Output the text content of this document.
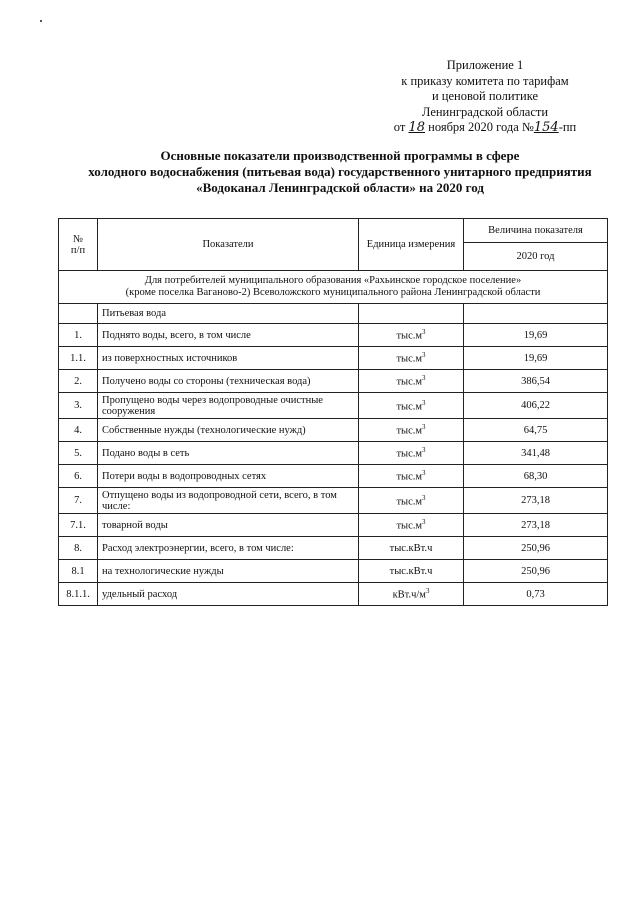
Приложение 1
к приказу комитета по тарифам
и ценовой политике
Ленинградской области
от 18 ноября 2020 года №154-пп
Основные показатели производственной программы в сфере
холодного водоснабжения (питьевая вода) государственного унитарного предприятия
«Водоканал Ленинградской области» на 2020 год
№
п/п	Показатели	Единица измерения	Величина показателя
			2020 год

Для потребителей муниципального образования «Рахьинское городское поселение»
(кроме поселка Ваганово-2) Всеволожского муниципального района Ленинградской области			

	Питьевая вода		
1.	Поднято воды, всего, в том числе	$тыс.м^3$	19,69
1.1.	из поверхностных источников	$тыс.м^3$	19,69
2.	Получено воды со стороны (техническая вода)	$тыс.м^3$	386,54
3.	Пропущено воды через водопроводные очистные сооружения	$тыс.м^3$	406,22
4.	Собственные нужды (технологические нужд)	$тыс.м^3$	64,75
5.	Подано воды в сеть	$тыс.м^3$	341,48
6.	Потери воды в водопроводных сетях	$тыс.м^3$	68,30
7.	Отпущено воды из водопроводной сети, всего, в том числе:	$тыс.м^3$	273,18
7.1.	товарной воды	$тыс.м^3$	273,18
8.	Расход электроэнергии, всего, в том числе:	тыс.кВт.ч	250,96
8.1	на технологические нужды	тыс.кВт.ч	250,96
8.1.1.	удельный расход	$кВт.ч/м^3$	0,73
